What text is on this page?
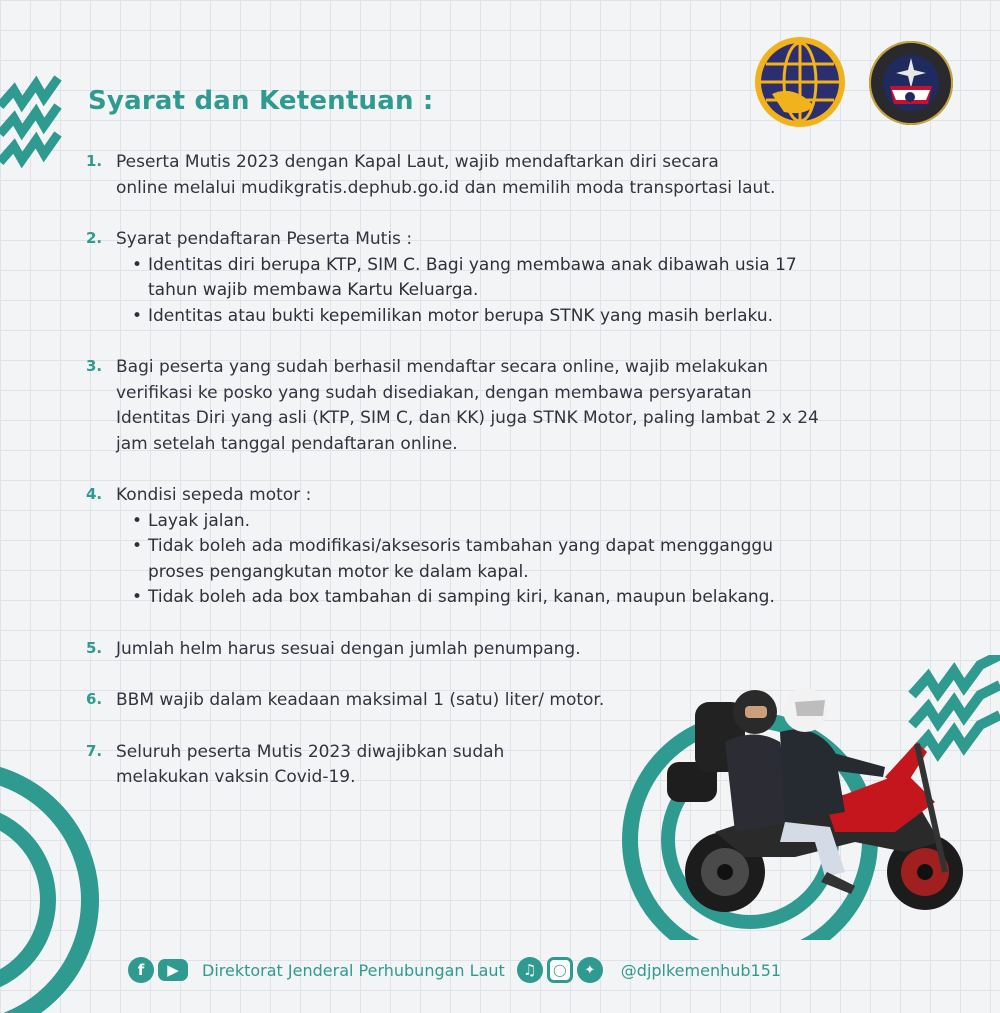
Syarat dan Ketentuan :
1. Peserta Mutis 2023 dengan Kapal Laut, wajib mendaftarkan diri secara
online melalui mudikgratis.dephub.go.id dan memilih moda transportasi laut.
2. Syarat pendaftaran Peserta Mutis :
• Identitas diri berupa KTP, SIM C. Bagi yang membawa anak dibawah usia 17
tahun wajib membawa Kartu Keluarga.
• Identitas atau bukti kepemilikan motor berupa STNK yang masih berlaku.
3. Bagi peserta yang sudah berhasil mendaftar secara online, wajib melakukan
verifikasi ke posko yang sudah disediakan, dengan membawa persyaratan
Identitas Diri yang asli (KTP, SIM C, dan KK) juga STNK Motor, paling lambat 2 x 24
jam setelah tanggal pendaftaran online.
4. Kondisi sepeda motor :
• Layak jalan.
• Tidak boleh ada modifikasi/aksesoris tambahan yang dapat mengganggu
proses pengangkutan motor ke dalam kapal.
• Tidak boleh ada box tambahan di samping kiri, kanan, maupun belakang.
5. Jumlah helm harus sesuai dengan jumlah penumpang.
6. BBM wajib dalam keadaan maksimal 1 (satu) liter/ motor.
7. Seluruh peserta Mutis 2023 diwajibkan sudah
melakukan vaksin Covid-19.
f	▶	Direktorat Jenderal Perhubungan Laut	♫	◯	✦	@djplkemenhub151
